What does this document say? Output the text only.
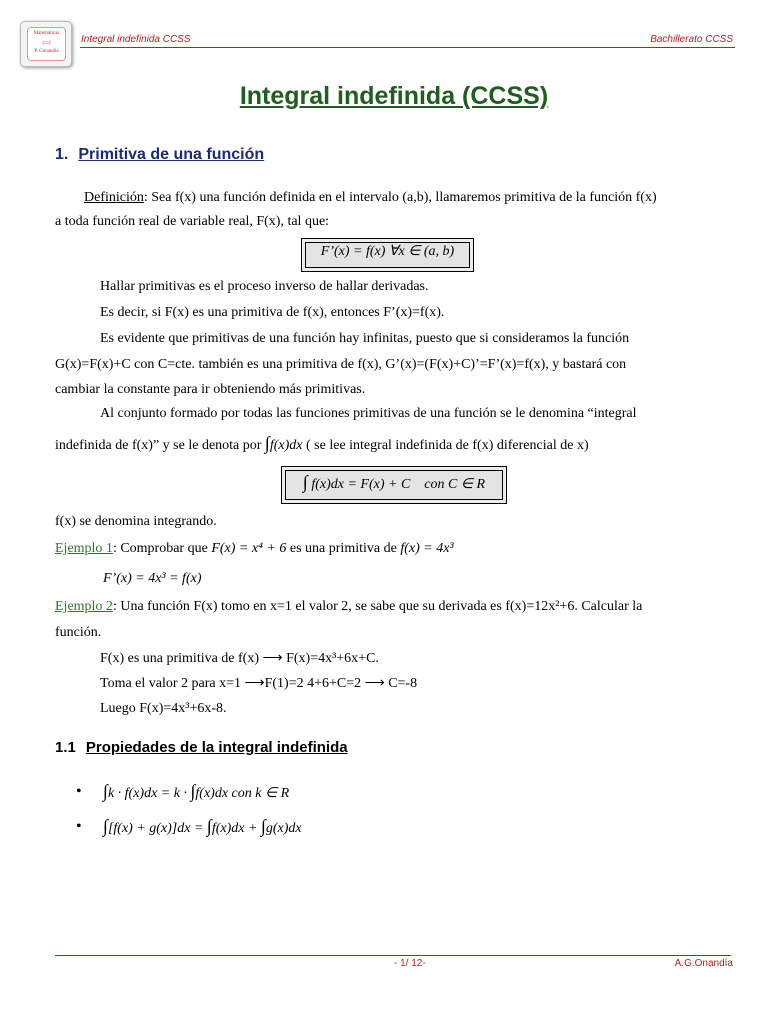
Matemáticas
(▭)
P. Gonandia
Integral indefinida CCSS	Bachillerato CCSS
Integral indefinida (CCSS)
1. Primitiva de una función
Definición: Sea f(x) una función definida en el intervalo (a,b), llamaremos primitiva de la función f(x)
a toda función real de variable real, F(x), tal que:
F’(x) = f(x) ∀x ∈ (a, b)
Hallar primitivas es el proceso inverso de hallar derivadas.
Es decir, si F(x) es una primitiva de f(x), entonces F’(x)=f(x).
Es evidente que primitivas de una función hay infinitas, puesto que si consideramos la función
G(x)=F(x)+C con C=cte. también es una primitiva de f(x), G’(x)=(F(x)+C)’=F’(x)=f(x), y bastará con
cambiar la constante para ir obteniendo más primitivas.
Al conjunto formado por todas las funciones primitivas de una función se le denomina “integral
indefinida de f(x)” y se le denota por ∫f(x)dx ( se lee integral indefinida de f(x) diferencial de x)
∫ f(x)dx = F(x) + C con C ∈ R
f(x) se denomina integrando.
Ejemplo 1: Comprobar que F(x) = x⁴ + 6 es una primitiva de f(x) = 4x³
F’(x) = 4x³ = f(x)
Ejemplo 2: Una función F(x) tomo en x=1 el valor 2, se sabe que su derivada es f(x)=12x²+6. Calcular la
función.
F(x) es una primitiva de f(x) ⟶ F(x)=4x³+6x+C.
Toma el valor 2 para x=1 ⟶F(1)=2 4+6+C=2 ⟶ C=-8
Luego F(x)=4x³+6x-8.
1.1 Propiedades de la integral indefinida
• ∫k · f(x)dx = k · ∫f(x)dx con k ∈ R
• ∫[f(x) + g(x)]dx = ∫f(x)dx + ∫g(x)dx
- 1/ 12-	A.G.Onandía
